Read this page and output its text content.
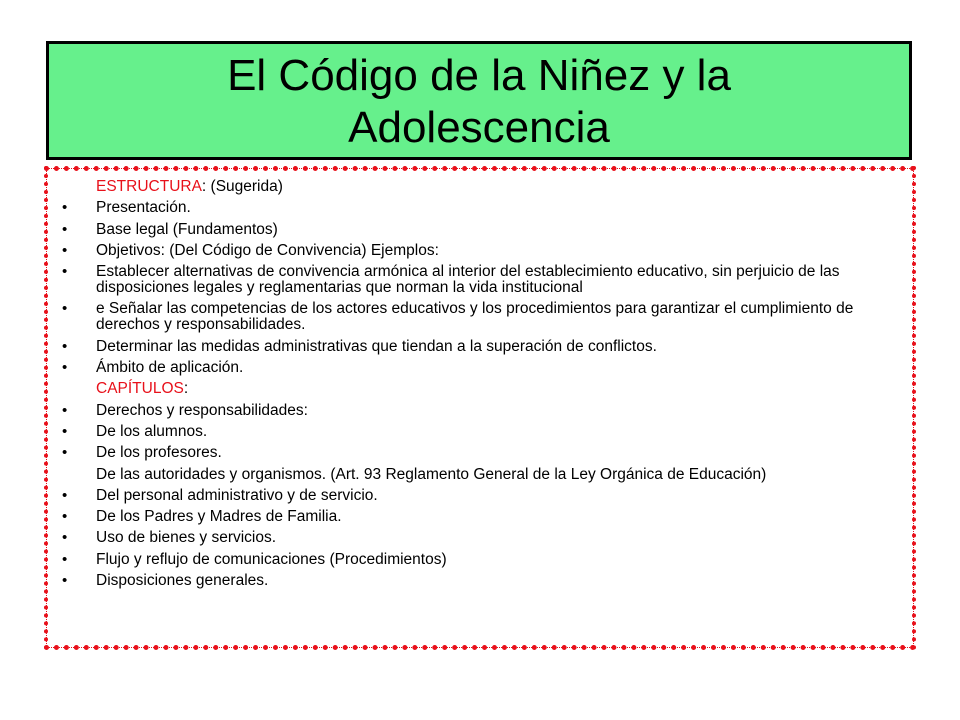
El Código de la Niñez y la Adolescencia
ESTRUCTURA: (Sugerida)
• Presentación.
• Base legal (Fundamentos)
• Objetivos: (Del Código de Convivencia) Ejemplos:
• Establecer alternativas de convivencia armónica al interior del establecimiento educativo, sin perjuicio de las disposiciones legales y reglamentarias que norman la vida institucional
• e Señalar las competencias de los actores educativos y los procedimientos para garantizar el cumplimiento de derechos y responsabilidades.
• Determinar las medidas administrativas que tiendan a la superación de conflictos.
• Ámbito de aplicación.
CAPÍTULOS:
• Derechos y responsabilidades:
• De los alumnos.
• De los profesores.
De las autoridades y organismos. (Art. 93 Reglamento General de la Ley Orgánica de Educación)
• Del personal administrativo y de servicio.
• De los Padres y Madres de Familia.
• Uso de bienes y servicios.
• Flujo y reflujo de comunicaciones (Procedimientos)
• Disposiciones generales.
